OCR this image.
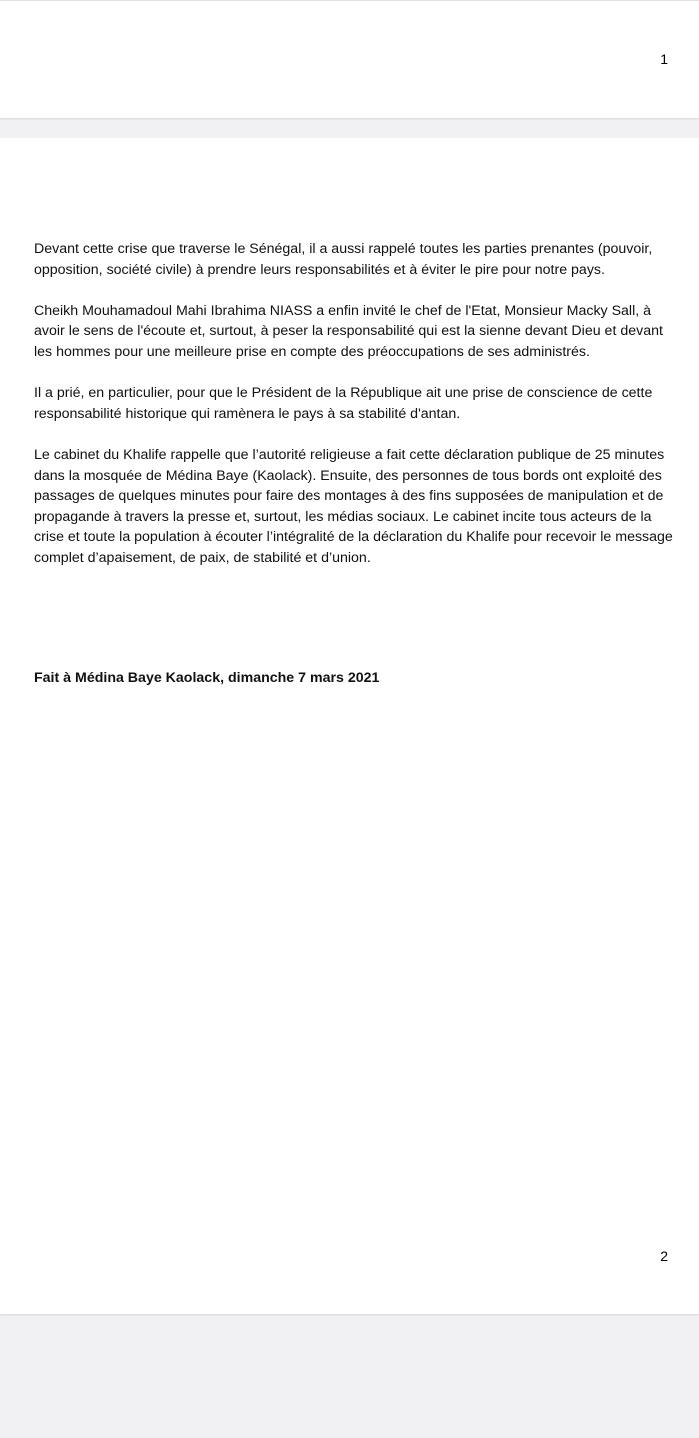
1

Devant cette crise que traverse le Sénégal, il a aussi rappelé toutes les parties prenantes (pouvoir, opposition, société civile) à prendre leurs responsabilités et à éviter le pire pour notre pays.

Cheikh Mouhamadoul Mahi Ibrahima NIASS a enfin invité le chef de l'Etat, Monsieur Macky Sall, à avoir le sens de l'écoute et, surtout, à peser la responsabilité qui est la sienne devant Dieu et devant les hommes pour une meilleure prise en compte des préoccupations de ses administrés.

Il a prié, en particulier, pour que le Président de la République ait une prise de conscience de cette responsabilité historique qui ramènera le pays à sa stabilité d'antan.

Le cabinet du Khalife rappelle que l’autorité religieuse a fait cette déclaration publique de 25 minutes dans la mosquée de Médina Baye (Kaolack). Ensuite, des personnes de tous bords ont exploité des passages de quelques minutes pour faire des montages à des fins supposées de manipulation et de propagande à travers la presse et, surtout, les médias sociaux. Le cabinet incite tous acteurs de la crise et toute la population à écouter l’intégralité de la déclaration du Khalife pour recevoir le message complet d’apaisement, de paix, de stabilité et d’union.

Fait à Médina Baye Kaolack, dimanche 7 mars 2021
2
